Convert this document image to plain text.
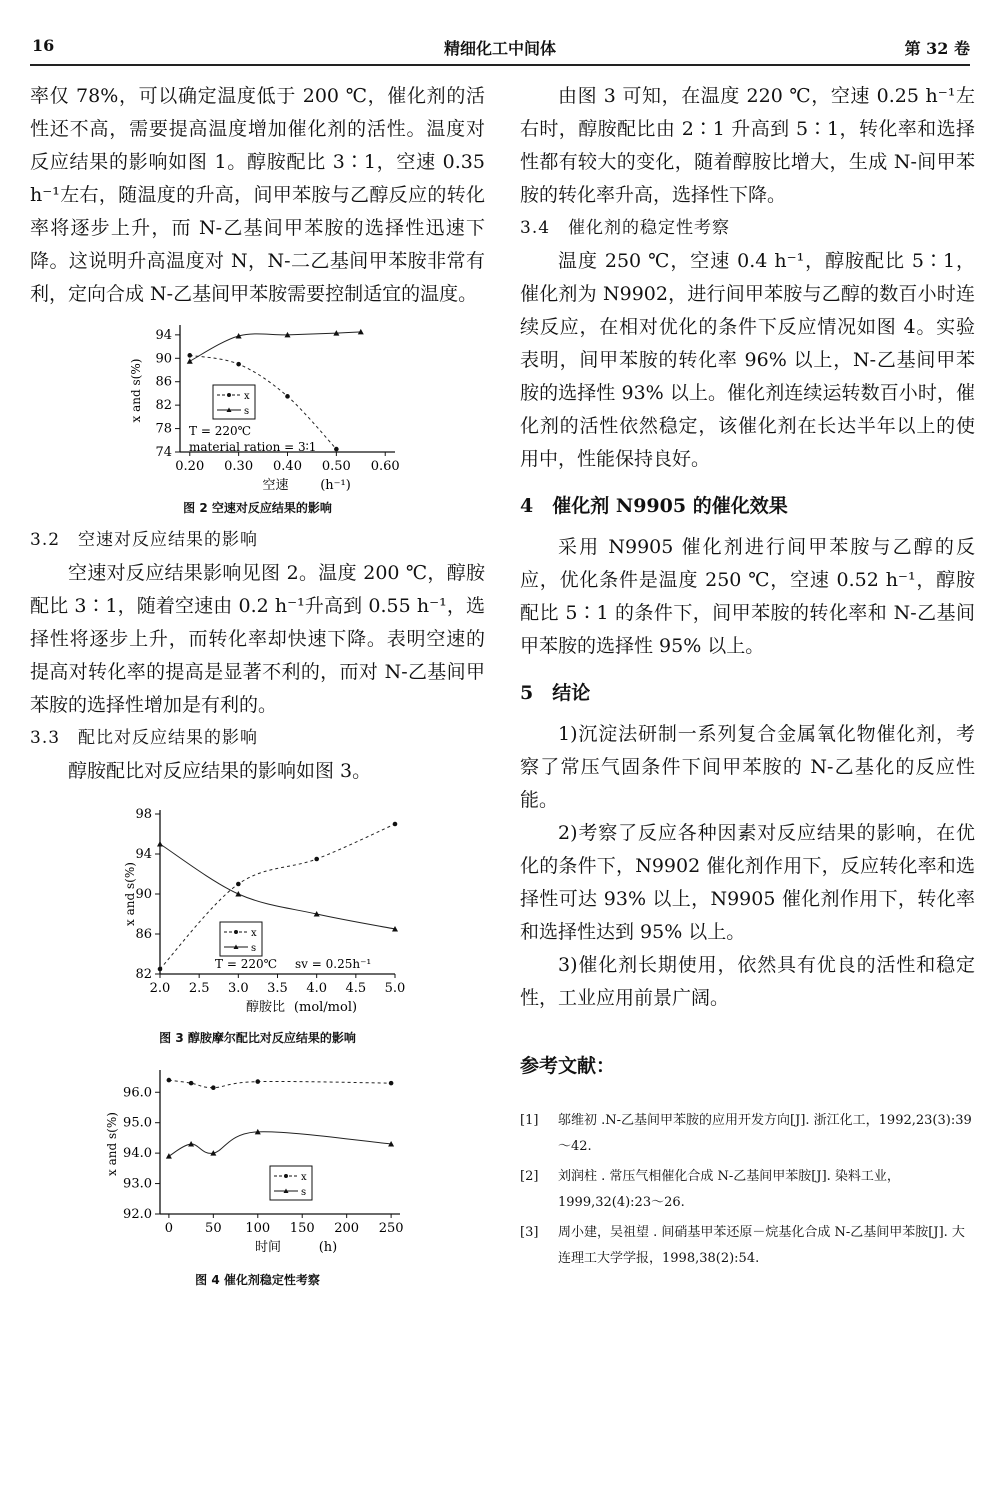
16	精细化工中间体	第 32 卷

率仅 78%，可以确定温度低于 200 ℃，催化剂的活性还不高，需要提高温度增加催化剂的活性。温度对反应结果的影响如图 1。醇胺配比 3∶1，空速 0.35 h⁻¹左右，随温度的升高，间甲苯胺与乙醇反应的转化率将逐步上升，而 N-乙基间甲苯胺的选择性迅速下降。这说明升高温度对 N，N-二乙基间甲苯胺非常有利，定向合成 N-乙基间甲苯胺需要控制适宜的温度。

74
78
82
86
90
94
0.20 0.30 0.40 0.50 0.60
x and s(%)
空速 (h⁻¹)
x
s
T = 220℃
material ration = 3∶1
图 2 空速对反应结果的影响
3.2　空速对反应结果的影响

空速对反应结果影响见图 2。温度 200 ℃，醇胺配比 3∶1，随着空速由 0.2 h⁻¹升高到 0.55 h⁻¹，选择性将逐步上升，而转化率却快速下降。表明空速的提高对转化率的提高是显著不利的，而对 N-乙基间甲苯胺的选择性增加是有利的。

3.3　配比对反应结果的影响

醇胺配比对反应结果的影响如图 3。

82
86
90
94
98
2.0 2.5 3.0 3.5 4.0 4.5 5.0
x and s(%)
醇胺比 (mol/mol)
x
s
T = 220℃ sv = 0.25h⁻¹
图 3 醇胺摩尔配比对反应结果的影响
92.0
93.0
94.0
95.0
96.0
0 50 100 150 200 250
x and s(%)
时间	(h)
x
s
图 4 催化剂稳定性考察

由图 3 可知，在温度 220 ℃，空速 0.25 h⁻¹左右时，醇胺配比由 2∶1 升高到 5∶1，转化率和选择性都有较大的变化，随着醇胺比增大，生成 N-间甲苯胺的转化率升高，选择性下降。

3.4　催化剂的稳定性考察

温度 250 ℃，空速 0.4 h⁻¹，醇胺配比 5∶1，催化剂为 N9902，进行间甲苯胺与乙醇的数百小时连续反应，在相对优化的条件下反应情况如图 4。实验表明，间甲苯胺的转化率 96% 以上，N-乙基间甲苯胺的选择性 93% 以上。催化剂连续运转数百小时，催化剂的活性依然稳定，该催化剂在长达半年以上的使用中，性能保持良好。

4　催化剂 N9905 的催化效果

采用 N9905 催化剂进行间甲苯胺与乙醇的反应，优化条件是温度 250 ℃，空速 0.52 h⁻¹，醇胺配比 5∶1 的条件下，间甲苯胺的转化率和 N-乙基间甲苯胺的选择性 95% 以上。

5　结论

1)沉淀法研制一系列复合金属氧化物催化剂，考察了常压气固条件下间甲苯胺的 N-乙基化的反应性能。

2)考察了反应各种因素对反应结果的影响，在优化的条件下，N9902 催化剂作用下，反应转化率和选择性可达 93% 以上，N9905 催化剂作用下，转化率和选择性达到 95% 以上。

3)催化剂长期使用，依然具有优良的活性和稳定性，工业应用前景广阔。

参考文献：
[1]	邬维初 .N-乙基间甲苯胺的应用开发方向[J]. 浙江化工，1992,23(3):39～42.
[2]	刘润柱 . 常压气相催化合成 N-乙基间甲苯胺[J]. 染料工业，1999,32(4):23～26.
[3]	周小建，吴祖望 . 间硝基甲苯还原－烷基化合成 N-乙基间甲苯胺[J]. 大连理工大学学报，1998,38(2):54.
